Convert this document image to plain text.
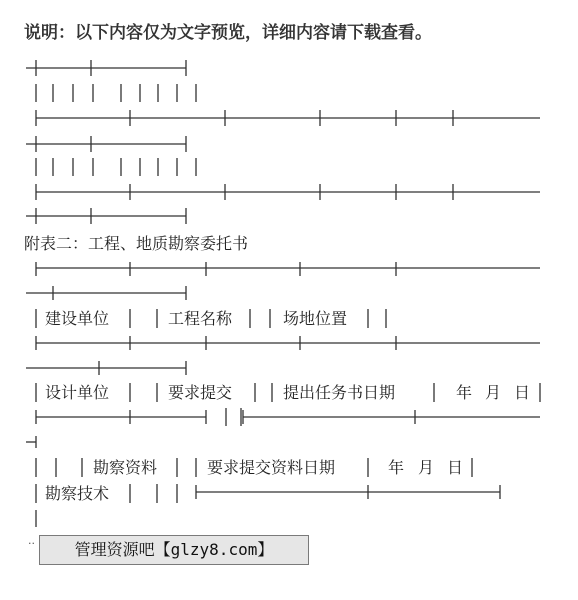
说明：以下内容仅为文字预览，详细内容请下载查看。
附表二：工程、地质勘察委托书
建设单位	工程名称	场地位置
设计单位	要求提交	提出任务书日期	年 月 日
勘察资料	要求提交资料日期	年 月 日
勘察技术
··	管理资源吧【glzy8.com】
